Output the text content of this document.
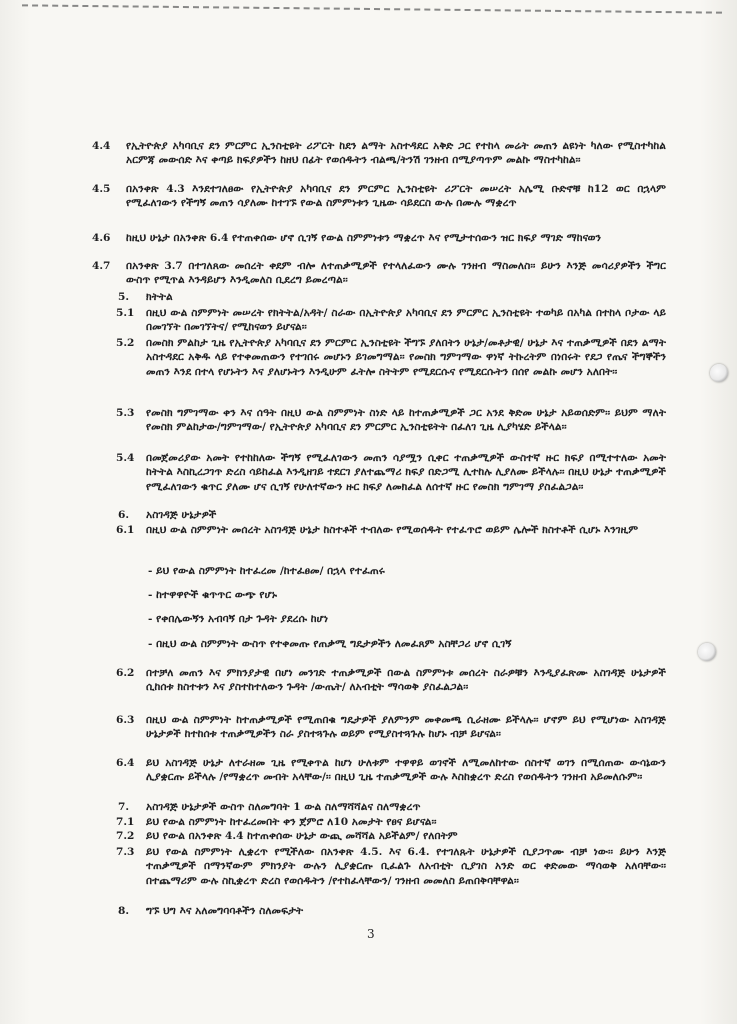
4.4 የኢትዮጵያ አካባቢና ደን ምርምር ኢንስቲዩት ሪፖርት ከደን ልማት አስተዳደር አቅድ ጋር የተከላ መሬት መጠን ልዩነት ካለው የሚስተካከል አርምጃ መውሰድ እና ቀጣይ ክፍያዎችን ከዘህ በፊት የወሰዱትን ብልጫ/ትንሽ ገንዘብ በሚያጣጥም መልኩ ማስተካከል፡፡
4.5 በአንቀጽ 4.3 እንደተገለፀው የኢትዮጵያ አካባቢና ደን ምርምር ኢንስቲዩት ሪፖርት መሠረት አሌሚ ቡድኖቹ ከ12 ወር በኋላም የሚፈለገውን የችግኝ መጠን ሳያለሙ ከተገኙ የውል ስምምነቱን ጊዜው ሳይደርስ ውሉ በሙሉ ማቋረጥ
4.6 ከዚህ ሁኔታ በአንቀጽ 6.4 የተጠቀሰው ሆኖ ሲገኝ የውል ስምምነቱን ማቋረጥ እና የሚታተሰውን ዝር ክፍያ ማገድ ማከናወን
4.7 በአንቀጽ 3.7 በተገለጸው መሰረት ቀደም ብሎ ለተጠቃሚዎች የተላለፈውን ሙሉ ገንዘብ ማስመለስ፡፡ ይሁን እንጅ መሳሪያዎችን ችግር ውስጥ የሚጥል እንዳይሆን እንዲመለስ ቢደረግ ይመረጣል፡፡
5. ክትትል
5.1 በዚህ ውል ስምምነት መሠረት የክትትል/አዳት/ ስራው በኢትዮጵያ አካባቢና ደን ምርምር ኢንስቲዩት ተወካይ በአካል በተከላ ቦታው ላይ በመገኘት በመገኘትና/ የሚከናወን ይሆናል፡፡
5.2 በመስክ ምልከታ ጊዜ የኢትዮጵያ አካባቢና ደን ምርምር ኢንስቲዩት ችግኙ ያለበትን ሁኔታ/መቶታዊ/ ሁኔታ እና ተጠቃሚዎች በደን ልማት አስተዳደር አቅዱ ላይ የተቀመጠውን የተገበሩ መሆኑን ይገመግማል፡፡ የመስክ ግምገማው ዋነኛ ትኩረትም በነበሩት የደጋ የጤና ችግኞችን መጠን እንደ በተላ የሆኑትን እና ያለሆኑትን እንዲሁም ፈትሎ ስትትም የሚደርሱና የሚደርሱትን በሰየ መልኩ መሆን አለበት፡፡
5.3 የመስክ ግምገማው ቀን እና ሰዓት በዚህ ውል ስምምነት ስነድ ላይ ከተጠቃሚዎች ጋር አንደ ቅድመ ሁኔታ አይወሰድም፡፡ ይህም ማለት የመስክ ምልከታው/ግምገማው/ የኢትዮጵያ አካባቢና ደን ምርምር ኢንስቲዩትት በፈለገ ጊዜ ሊያካሄድ ይችላል፡፡
5.4 በመጀመሪያው አመት የተከከለው ችግኝ የሚፈለገውን መጠን ሳያሟን ሲቀር ተጠቃሚዎች ውስተኛ ዙር ክፍያ በሚተተለው አመት ከትትል እስኪረጋገጥ ድረስ ሳይከፈል እንዲዘገይ ተደርገ ያለተጨማሪ ክፍያ በድጋሚ ሊተከሉ ሊያለሙ ይችላሉ፡፡ በዚህ ሁኔታ ተጠቃሚዎች የሚፈለገውን ቁጥር ያለሙ ሆና ሲገኝ የሁለተኛውን ዙር ክፍያ ለመክፈል ለሰተኛ ዙር የመስክ ግምገማ ያስፈልጋል፡፡
6. አስገዳጅ ሁኔታዎች
6.1 በዚህ ውል ስምምነት መሰረት አስገዳጅ ሁኔታ ከስተቶች ተብለው የሚወሰዱት የተፈጥሮ ወይም ሌሎች ክስተቶች ሲሆኑ እንገዚም
- ይህ የውል ስምምነት ከተፈረመ /ከተፈፀመ/ በኋላ የተፈጠሩ
- ከተዋዋዮች ቁጥጥር ውጭ የሆኑ
- የቀበሌውኝን አብባኝ በታ ጉዳት ያደረሱ ከሆነ
- በዚህ ውል ስምምነት ውስጥ የተቀመጡ የጠቃሚ ግዴታዎችን ለመፈጸም አስቸጋሪ ሆኖ ሲገኝ
6.2 በተቻለ መጠን እና ምክንያታዊ በሆነ መንገድ ተጠቃሚዎች በውል ስምምነቱ መሰረት ስራዎቹን እንዲያፈጽሙ አስገዳጅ ሁኔታዎች ሲከሰቱ ክስተቱን እና ያስተከተለውን ጉዳት /ውጤት/ ለአብቲት ማሳወቅ ያስፈልጋል፡፡
6.3 በዚህ ውል ስምምነት ከተጠቃሚዎች የሚጠበቁ ግዴታዎች ያለምንም መቀመጫ ሲራዘሙ ይችላሉ፡፡ ሆኖም ይህ የሚሆነው አስገዳጅ ሁኔታዎች ከተከሰቱ ተጠቃሚዎችን ስራ ያስተጓጉሉ ወይም የሚያስተጓጉሉ ከሆኑ ብቻ ይሆናል፡፡
6.4 ይህ አስገዳጅ ሁኔታ ለተራዘመ ጊዜ የሚቀጥል ከሆነ ሁለቱም ተዋዋይ ወገኖች ለሚመለከተው ሰስተኛ ወገን በሚሰጠው ውሳኔውን ሊያቋርጡ ይችላሉ /የማቋረጥ መብት አላቸው/፡፡ በዚህ ጊዜ ተጠቃሚዎች ውሉ እስከቋረጥ ድረስ የወሰዱትን ገንዘብ አይመለሱም፡፡
7. አስገዳጅ ሁኔታዎች ውስጥ ስለመግባት 1 ውል ስለማሻሻልና ስለማቋረጥ
7.1 ይህ የውል ስምምነት ከተፈረመበት ቀን ጀምሮ ለ10 አመታት የፀና ይሆናል፡፡
7.2 ይህ የውል በአንቀጽ 4.4 ከተጠቀሰው ሁኔታ ውጪ መሻሻል አይችልም/ የለበትም
7.3 ይህ የውል ስምምነት ሊቋረጥ የሚችለው በአንቀጽ 4.5. እና 6.4. የተገለጹት ሁኔታዎች ሲያጋጥሙ ብቻ ነው፡፡ ይሁን እንጅ ተጠቃሚዎች በማንኛውም ምክንያት ውሉን ሊያቋርጡ ቢፈልጉ ለአብቲት ሲያገስ አንድ ወር ቀድመው ማሳወቅ አለባቸው፡፡ በተጨማሪም ውሉ ስኪቋረጥ ድረስ የወሰዱትን /የተከፈላቸውን/ ገንዘብ መመለስ ይጠበቅባቸዋል፡፡
8. ግኙ ህግ እና አለመግባባቶችን ስለመፍታት
3
